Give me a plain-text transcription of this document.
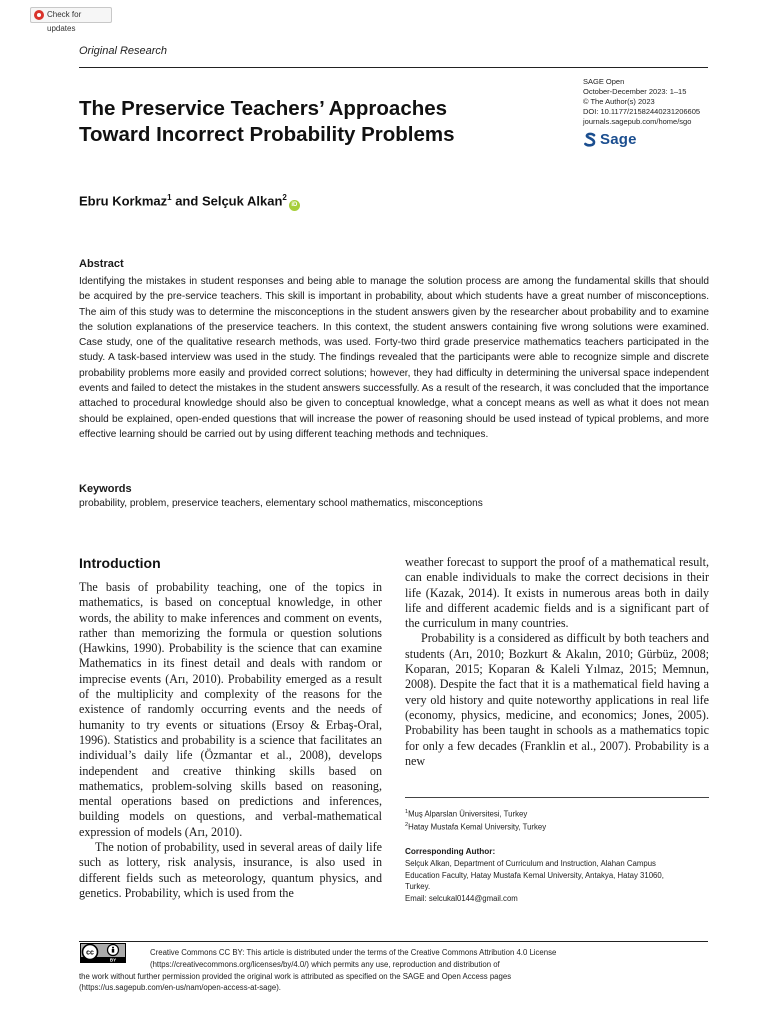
Check for updates
Original Research
SAGE Open
October-December 2023: 1–15
© The Author(s) 2023
DOI: 10.1177/21582440231206605
journals.sagepub.com/home/sgo
Sage
The Preservice Teachers’ Approaches
Toward Incorrect Probability Problems
Ebru Korkmaz$^1$ and Selçuk Alkan$^2$iD
Abstract
Identifying the mistakes in student responses and being able to manage the solution process are among the fundamental skills that should be acquired by the pre-service teachers. This skill is important in probability, about which students have a great number of misconceptions. The aim of this study was to determine the misconceptions in the student answers given by the researcher about probability and to examine the solution explanations of the preservice teachers. In this context, the student answers containing five wrong solutions were examined. Case study, one of the qualitative research methods, was used. Forty-two third grade preservice mathematics teachers participated in the study. A task-based interview was used in the study. The findings revealed that the participants were able to recognize simple and discrete probability problems more easily and provided correct solutions; however, they had difficulty in determining the universal space independent events and failed to detect the mistakes in the student answers successfully. As a result of the research, it was concluded that the importance attached to procedural knowledge should also be given to conceptual knowledge, what a concept means as well as what it does not mean should be explained, open-ended questions that will increase the power of reasoning should be used instead of typical problems, and more effective learning should be carried out by using different teaching methods and techniques.
Keywords
probability, problem, preservice teachers, elementary school mathematics, misconceptions
Introduction

The basis of probability teaching, one of the topics in mathematics, is based on conceptual knowledge, in other words, the ability to make inferences and comment on events, rather than memorizing the formula or question solutions (Hawkins, 1990). Probability is the science that can examine Mathematics in its finest detail and deals with random or imprecise events (Arı, 2010). Probability emerged as a result of the multiplicity and complexity of the reasons for the existence of randomly occurring events and the needs of humanity to try events or situations (Ersoy & Erbaş-Oral, 1996). Statistics and probability is a science that facilitates an individual’s daily life (Özmantar et al., 2008), develops independent and creative thinking skills based on mathematics, problem-solving skills based on reasoning, mental operations based on predictions and inferences, building models on questions, and verbal-mathematical expression of models (Arı, 2010).

The notion of probability, used in several areas of daily life such as lottery, risk analysis, insurance, is also used in different fields such as meteorology, quantum physics, and genetics. Probability, which is used from the

weather forecast to support the proof of a mathematical result, can enable individuals to make the correct decisions in their life (Kazak, 2014). It exists in numerous areas both in daily life and different academic fields and is a significant part of the curriculum in many countries.

Probability is a considered as difficult by both teachers and students (Arı, 2010; Bozkurt & Akalın, 2010; Gürbüz, 2008; Koparan, 2015; Koparan & Kaleli Yılmaz, 2015; Memnun, 2008). Despite the fact that it is a mathematical field having a very old history and quite noteworthy applications in real life (economy, physics, medicine, and economics; Jones, 2005). Probability has been taught in schools as a mathematics topic for only a few decades (Franklin et al., 2007). Probability is a new

$^1$Muş Alparslan Üniversitesi, Turkey
$^2$Hatay Mustafa Kemal University, Turkey
Corresponding Author:
Selçuk Alkan, Department of Curriculum and Instruction, Alahan Campus
Education Faculty, Hatay Mustafa Kemal University, Antakya, Hatay 31060,
Turkey.
Email: selcukal0144@gmail.com
cc
BY
Creative Commons CC BY: This article is distributed under the terms of the Creative Commons Attribution 4.0 License
(https://creativecommons.org/licenses/by/4.0/) which permits any use, reproduction and distribution of
the work without further permission provided the original work is attributed as specified on the SAGE and Open Access pages
(https://us.sagepub.com/en-us/nam/open-access-at-sage).
